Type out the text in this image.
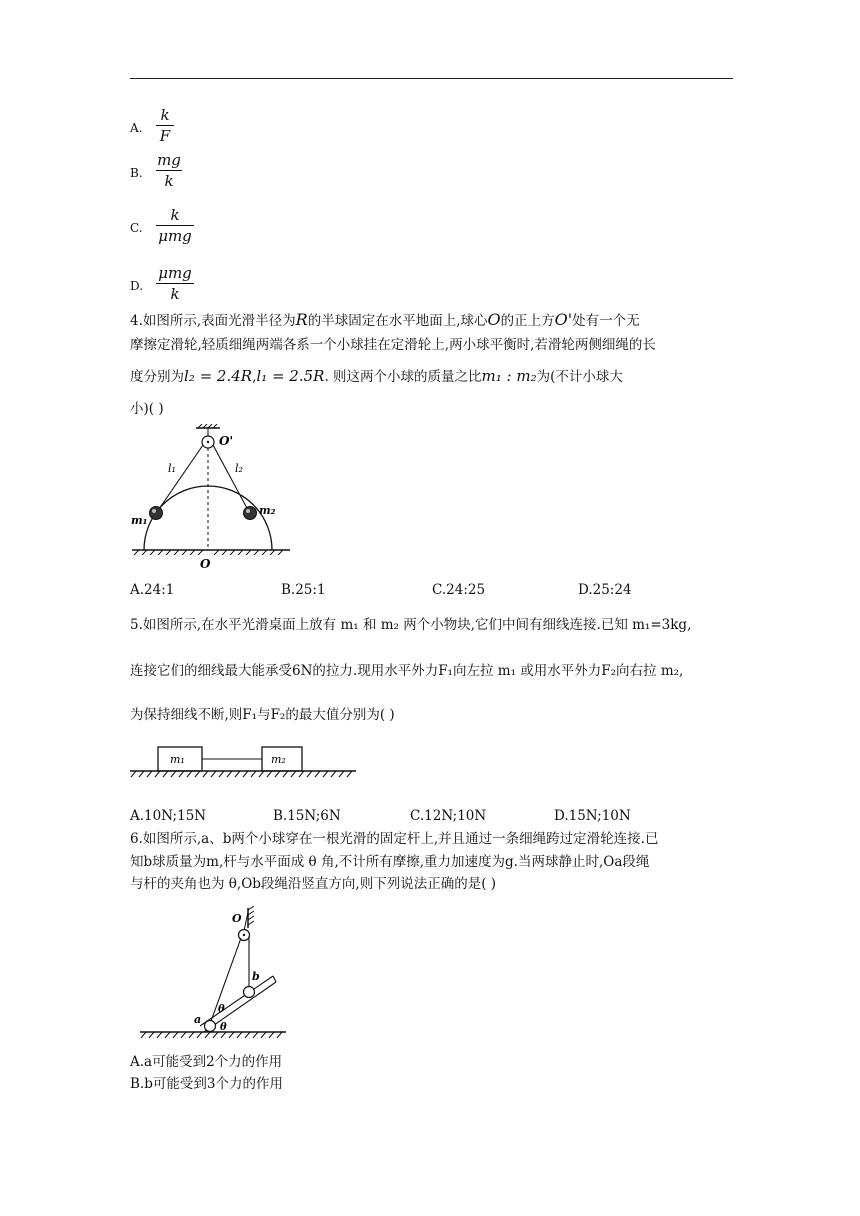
A.
k
F
B.
mg
k
C.
k
μmg
D.
μmg
k
4.如图所示,表面光滑半径为R的半球固定在水平地面上,球心O的正上方O'处有一个无
摩擦定滑轮,轻质细绳两端各系一个小球挂在定滑轮上,两小球平衡时,若滑轮两侧细绳的长
度分别为l₂ = 2.4R,l₁ = 2.5R. 则这两个小球的质量之比m₁ : m₂为(不计小球大
小)( )
O'
l₁	l₂
m₁
m₂
O
A.24:1	B.25:1	C.24:25	D.25:24
5.如图所示,在水平光滑桌面上放有 m₁ 和 m₂ 两个小物块,它们中间有细线连接.已知 m₁=3kg,
连接它们的细线最大能承受6N的拉力.现用水平外力F₁向左拉 m₁ 或用水平外力F₂向右拉 m₂,
为保持细线不断,则F₁与F₂的最大值分别为( )
m₁	m₂
A.10N;15N	B.15N;6N	C.12N;10N	D.15N;10N
6.如图所示,a、b两个小球穿在一根光滑的固定杆上,并且通过一条细绳跨过定滑轮连接.已
知b球质量为m,杆与水平面成 θ 角,不计所有摩擦,重力加速度为g.当两球静止时,Oa段绳
与杆的夹角也为 θ,Ob段绳沿竖直方向,则下列说法正确的是( )
O
a
b
θ
θ
A.a可能受到2个力的作用
B.b可能受到3个力的作用
